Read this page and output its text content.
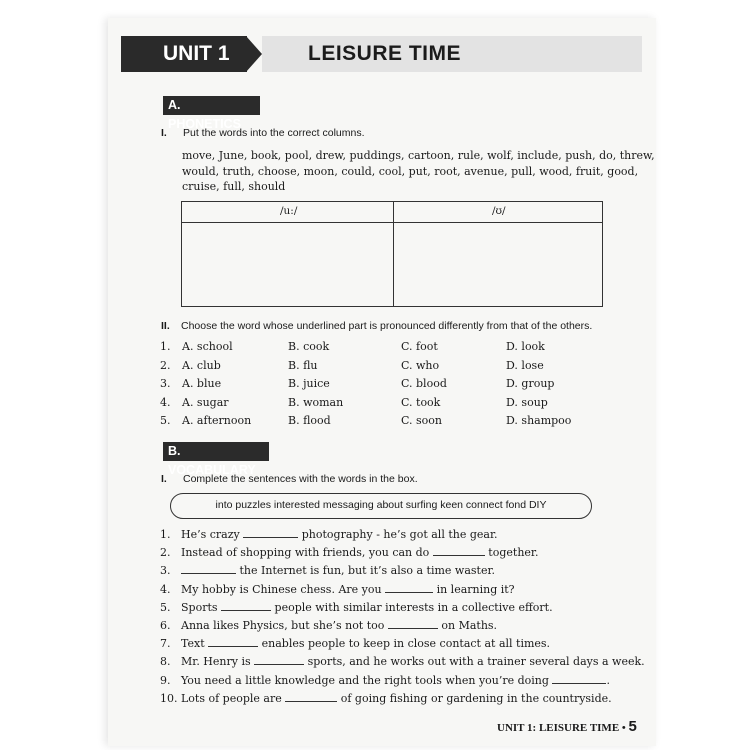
UNIT 1	LEISURE TIME
A. PHONETICS
I. Put the words into the correct columns.
move, June, book, pool, drew, puddings, cartoon, rule, wolf, include, push, do, threw,
would, truth, choose, moon, could, cool, put, root, avenue, pull, wood, fruit, good,
cruise, full, should
/u:/	/ʊ/
II. Choose the word whose underlined part is pronounced differently from that of the others.
1. A. school	B. cook	C. foot	D. look
2. A. club	B. flu	C. who	D. lose
3. A. blue	B. juice	C. blood	D. group
4. A. sugar	B. woman	C. took	D. soup
5. A. afternoon	B. flood	C. soon	D. shampoo
B. VOCABULARY
I. Complete the sentences with the words in the box.
into puzzles interested messaging about surfing keen connect fond DIY
1. He’s crazy	photography - he’s got all the gear.
2. Instead of shopping with friends, you can do	together.
3.	the Internet is fun, but it’s also a time waster.
4. My hobby is Chinese chess. Are you	in learning it?
5. Sports	people with similar interests in a collective effort.
6. Anna likes Physics, but she’s not too	on Maths.
7. Text	enables people to keep in close contact at all times.
8. Mr. Henry is	sports, and he works out with a trainer several days a week.
9. You need a little knowledge and the right tools when you’re doing	.
10. Lots of people are	of going fishing or gardening in the countryside.
UNIT 1: LEISURE TIME • 5
